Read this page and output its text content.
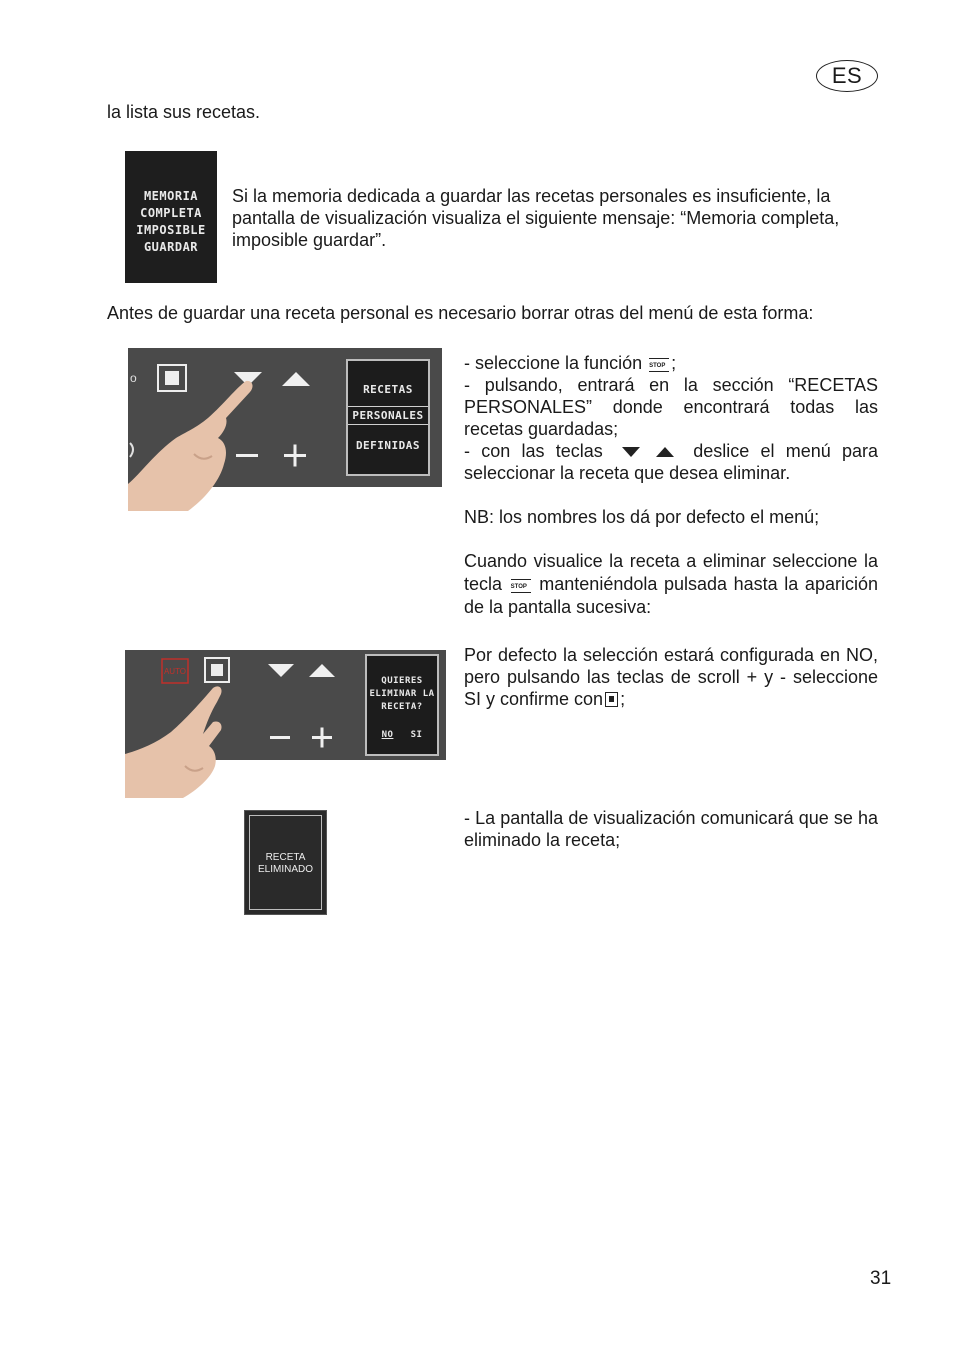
ES

la lista sus recetas.

MEMORIA
COMPLETA
IMPOSIBLE
GUARDAR

Si la memoria dedicada a guardar las recetas personales es insuficiente, la pantalla de visualización visualiza el siguiente mensaje: “Memoria completa, imposible guardar”.

Antes de guardar una receta personal es necesario borrar otras del menú de esta forma:

o
RECETAS
PERSONALES
DEFINIDAS
- seleccione la función STOP ;
- pulsando, entrará en la sección “RECETAS PERSONALES” donde encontrará todas las recetas guardadas;
- con las teclas	deslice el menú para seleccionar la receta que desea eliminar.
NB: los nombres los dá por defecto el menú;
Cuando visualice la receta a eliminar seleccione la tecla STOP manteniéndola pulsada hasta la aparición de la pantalla sucesiva:
AUTO
QUIERES
ELIMINAR LA
RECETA?
NO SI
Por defecto la selección estará configurada en NO, pero pulsando las teclas de scroll + y - seleccione SI y confirme con ;
RECETA
ELIMINADO

- La pantalla de visualización comunicará que se ha eliminado la receta;

31
